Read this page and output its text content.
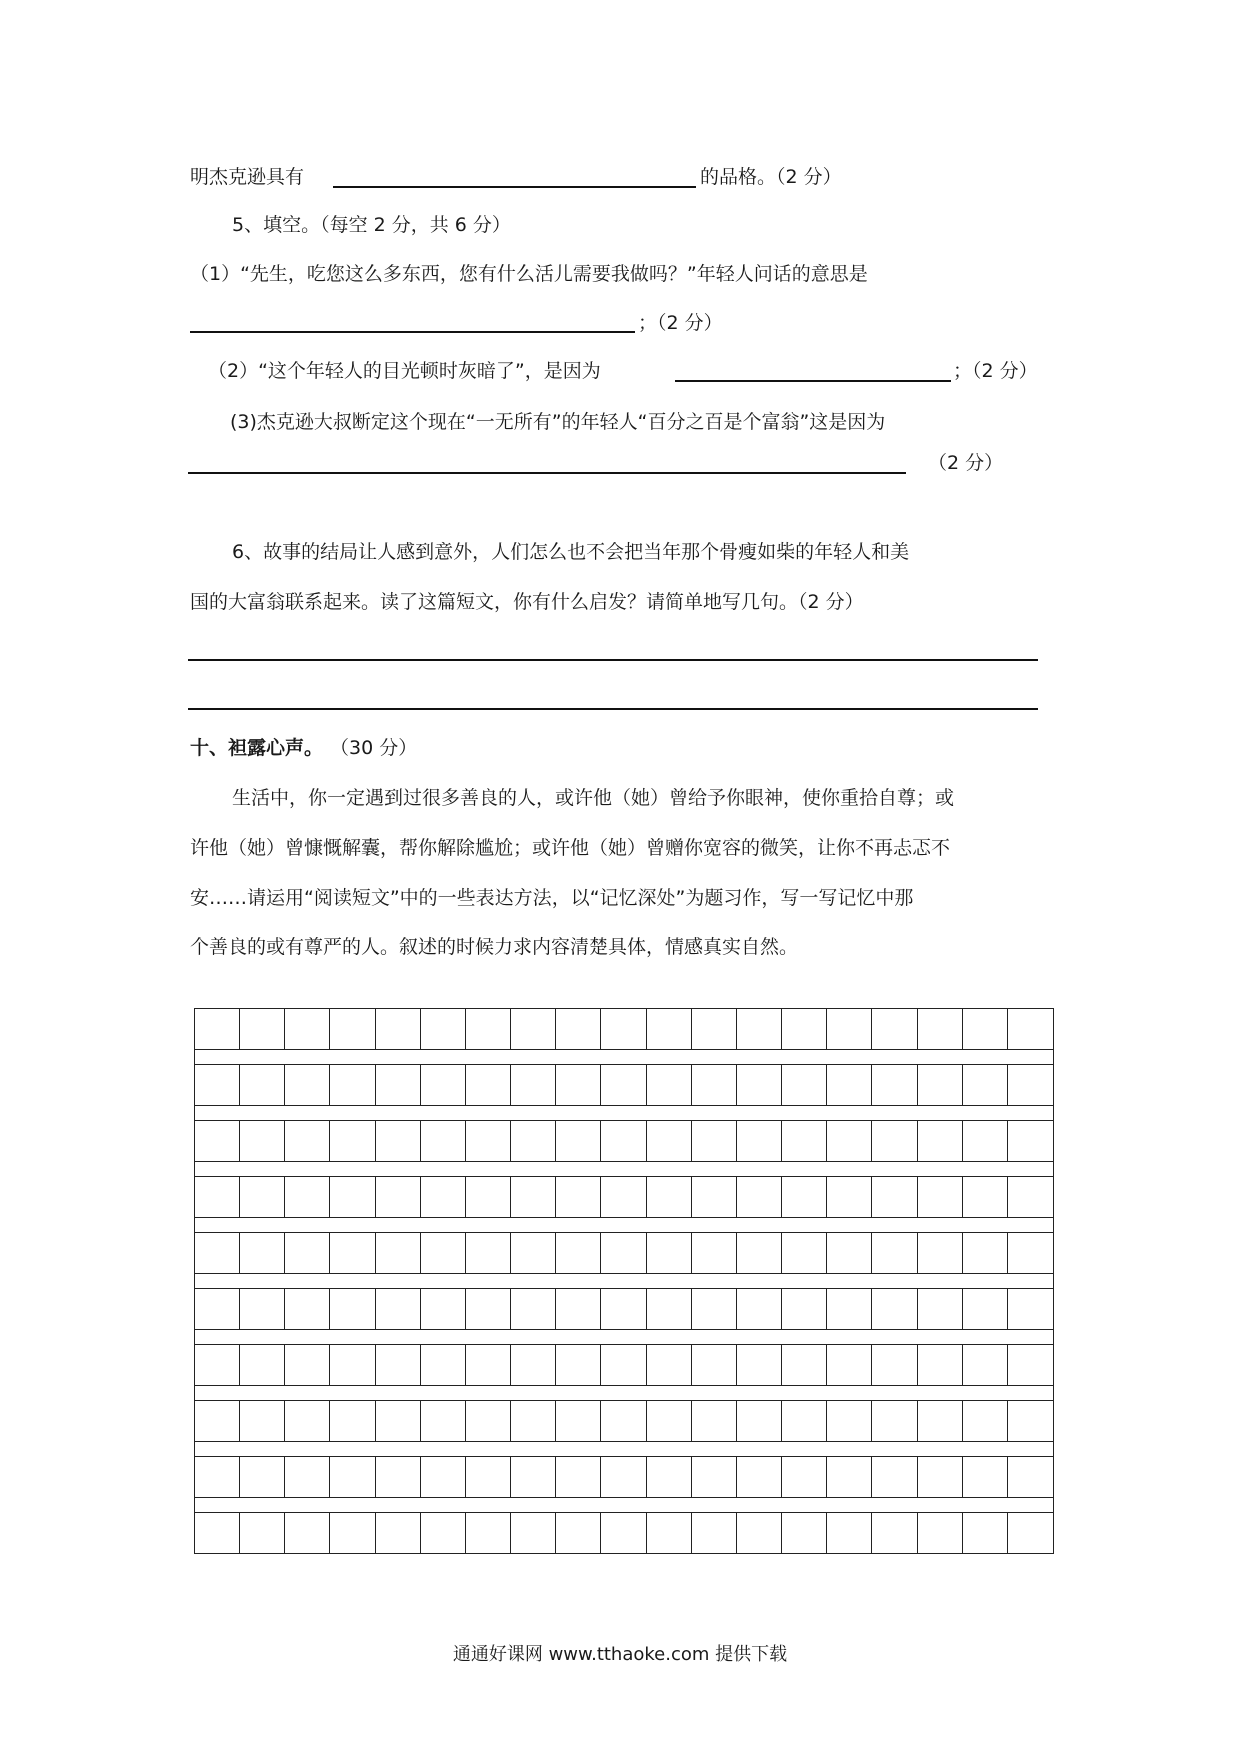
明杰克逊具有	的品格。（2 分）
5、填空。（每空 2 分，共 6 分）
（1）“先生，吃您这么多东西，您有什么活儿需要我做吗？”年轻人问话的意思是
；（2 分）
（2）“这个年轻人的目光顿时灰暗了”，是因为	；（2 分）
(3)杰克逊大叔断定这个现在“一无所有”的年轻人“百分之百是个富翁”这是因为
（2 分）
6、故事的结局让人感到意外，人们怎么也不会把当年那个骨瘦如柴的年轻人和美
国的大富翁联系起来。读了这篇短文，你有什么启发？请简单地写几句。（2 分）
十、袒露心声。 （30 分）
生活中，你一定遇到过很多善良的人，或许他（她）曾给予你眼神，使你重拾自尊；或
许他（她）曾慷慨解囊，帮你解除尴尬；或许他（她）曾赠你宽容的微笑，让你不再忐忑不
安……请运用“阅读短文”中的一些表达方法，以“记忆深处”为题习作，写一写记忆中那
个善良的或有尊严的人。叙述的时候力求内容清楚具体，情感真实自然。
通通好课网 www.tthaoke.com 提供下载
